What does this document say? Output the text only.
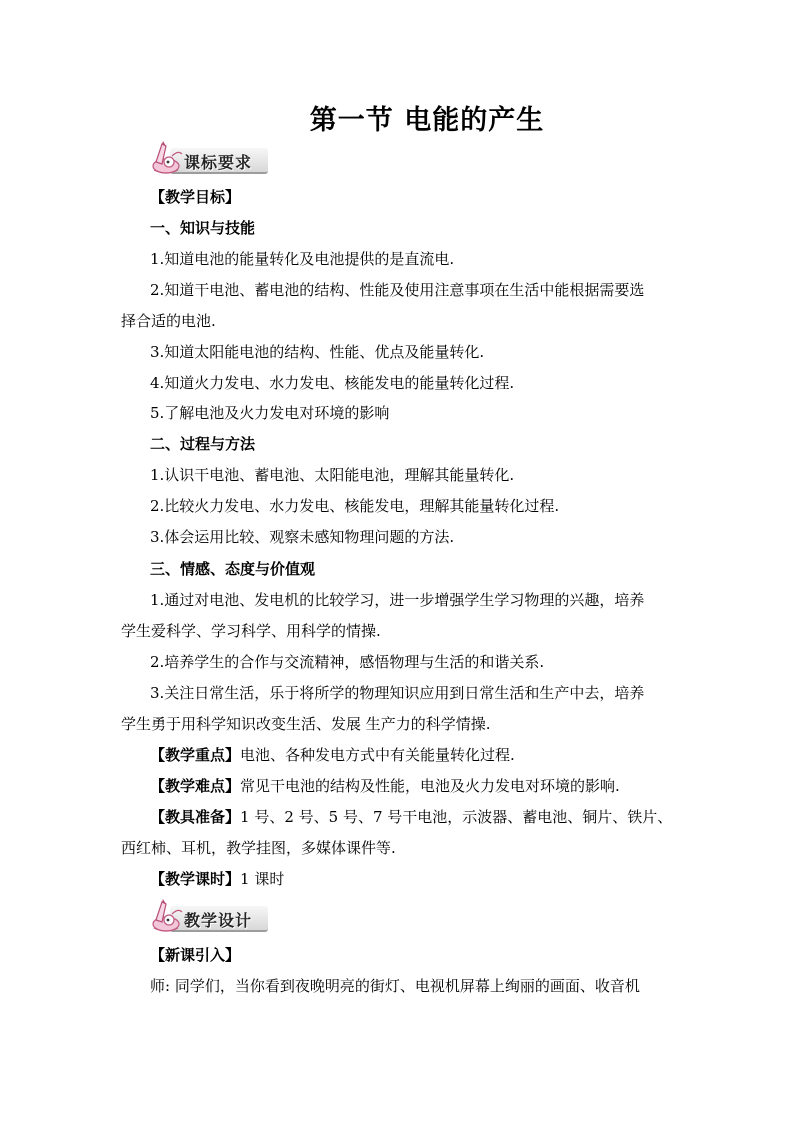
第一节 电能的产生
课标要求
【教学目标】
一、知识与技能
1.知道电池的能量转化及电池提供的是直流电.
2.知道干电池、蓄电池的结构、性能及使用注意事项在生活中能根据需要选
择合适的电池.
3.知道太阳能电池的结构、性能、优点及能量转化.
4.知道火力发电、水力发电、核能发电的能量转化过程.
5.了解电池及火力发电对环境的影响
二、过程与方法
1.认识干电池、蓄电池、太阳能电池，理解其能量转化.
2.比较火力发电、水力发电、核能发电，理解其能量转化过程.
3.体会运用比较、观察未感知物理问题的方法.
三、情感、态度与价值观
1.通过对电池、发电机的比较学习，进一步增强学生学习物理的兴趣，培养
学生爱科学、学习科学、用科学的情操.
2.培养学生的合作与交流精神，感悟物理与生活的和谐关系.
3.关注日常生活，乐于将所学的物理知识应用到日常生活和生产中去，培养
学生勇于用科学知识改变生活、发展 生产力的科学情操.
【教学重点】电池、各种发电方式中有关能量转化过程.
【教学难点】常见干电池的结构及性能，电池及火力发电对环境的影响.
【教具准备】1 号、2 号、5 号、7 号干电池，示波器、蓄电池、铜片、铁片、
西红柿、耳机，教学挂图，多媒体课件等.
【教学课时】1 课时
教学设计
【新课引入】
师: 同学们，当你看到夜晚明亮的街灯、电视机屏幕上绚丽的画面、收音机
